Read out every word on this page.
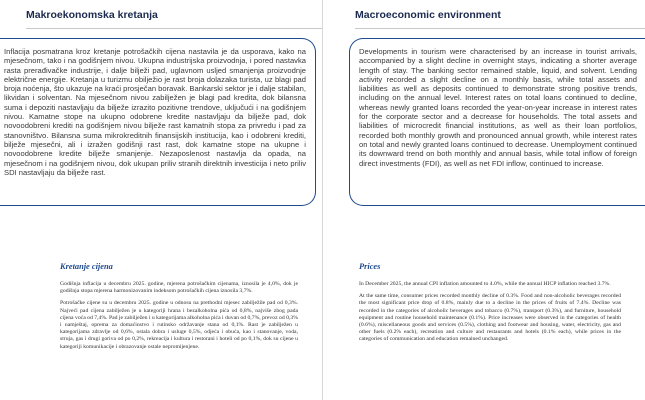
Makroekonomska kretanja
Inflacija posmatrana kroz kretanje potrošačkih cijena nastavila je da usporava, kako na mjesečnom, tako i na godišnjem nivou. Ukupna industrijska proizvodnja, i pored nastavka rasta prerađivačke industrije, i dalje bilježi pad, uglavnom usljed smanjenja proizvodnje električne energije. Kretanja u turizmu obilježio je rast broja dolazaka turista, uz blagi pad broja noćenja, što ukazuje na kraći prosječan boravak. Bankarski sektor je i dalje stabilan, likvidan i solventan. Na mjesečnom nivou zabilježen je blagi pad kredita, dok bilansna suma i depoziti nastavljaju da bilježe izrazito pozitivne trendove, uključući i na godišnjem nivou. Kamatne stope na ukupno odobrene kredite nastavljaju da bilježe pad, dok novoodobreni krediti na godišnjem nivou bilježe rast kamatnih stopa za privredu i pad za stanovništvo. Bilansna suma mikrokreditnih finansijskih institucija, kao i odobreni krediti, bilježe mjesečni, ali i izražen godišnji rast rast, dok kamatne stope na ukupne i novoodobrene kredite bilježe smanjenje. Nezaposlenost nastavlja da opada, na mjesečnom i na godišnjem nivou, dok ukupan priliv stranih direktnih investicija i neto priliv SDI nastavljaju da bilježe rast.
Kretanje cijena

Godišnja inflacija u decembru 2025. godine, mjerena potrošačkim cijenama, iznosila je 4,0%, dok je godišnja stopa mjerena harmonizovanim indeksom potrošačkih cijena iznosila 3,7%.

Potrošačke cijene su u decembru 2025. godine u odnosu na prethodni mjesec zabilježile pad od 0,3%. Najveći pad cijena zabilježen je u kategoriji hrana i bezalkoholna pića od 0,8%, najviše zbog pada cijena voća od 7,4%. Pad je zabilježen i u kategorijama alkoholna pića i duvan od 0,7%, prevoz od 0,3% i namještaj, oprema za domaćinstvo i rutinsko održavanje stana od 0,1%. Rast je zabilježen u kategorijama zdravlje od 0,6%, ostala dobra i usluge 0,5%, odjeća i obuća, kao i stanovanje, voda, struja, gas i drugi goriva od po 0,2%, rekreacija i kultura i restorani i hoteli od po 0,1%, dok su cijene u kategoriji komunikacije i obrazovanje ostale nepromijenjene.

Macroeconomic environment
Developments in tourism were characterised by an increase in tourist arrivals, accompanied by a slight decline in overnight stays, indicating a shorter average length of stay. The banking sector remained stable, liquid, and solvent. Lending activity recorded a slight decline on a monthly basis, while total assets and liabilities as well as deposits continued to demonstrate strong positive trends, including on the annual level. Interest rates on total loans continued to decline, whereas newly granted loans recorded the year-on-year increase in interest rates for the corporate sector and a decrease for households. The total assets and liabilities of microcredit financial institutions, as well as their loan portfolios, recorded both monthly growth and pronounced annual growth, while interest rates on total and newly granted loans continued to decrease. Unemployment continued its downward trend on both monthly and annual basis, while total inflow of foreign direct investments (FDI), as well as net FDI inflow, continued to increase.
Prices

In December 2025, the annual CPI inflation amounted to 4.0%, while the annual HICP inflation reached 3.7%.

At the same time, consumer prices recorded monthly decline of 0.3%. Food and non-alcoholic beverages recorded the most significant price drop of 0.8%, mainly due to a decline in the prices of fruits of 7.4%. Decline was recorded in the categories of alcoholic beverages and tobacco (0.7%), transport (0.3%), and furniture, household equipment and routine household maintenance (0.1%). Price increases were observed in the categories of health (0.6%), miscellaneous goods and services (0.5%), clothing and footwear and housing, water, electricity, gas and other fuels (0.2% each), recreation and culture and restaurants and hotels (0.1% each), while prices in the categories of communication and education remained unchanged.
